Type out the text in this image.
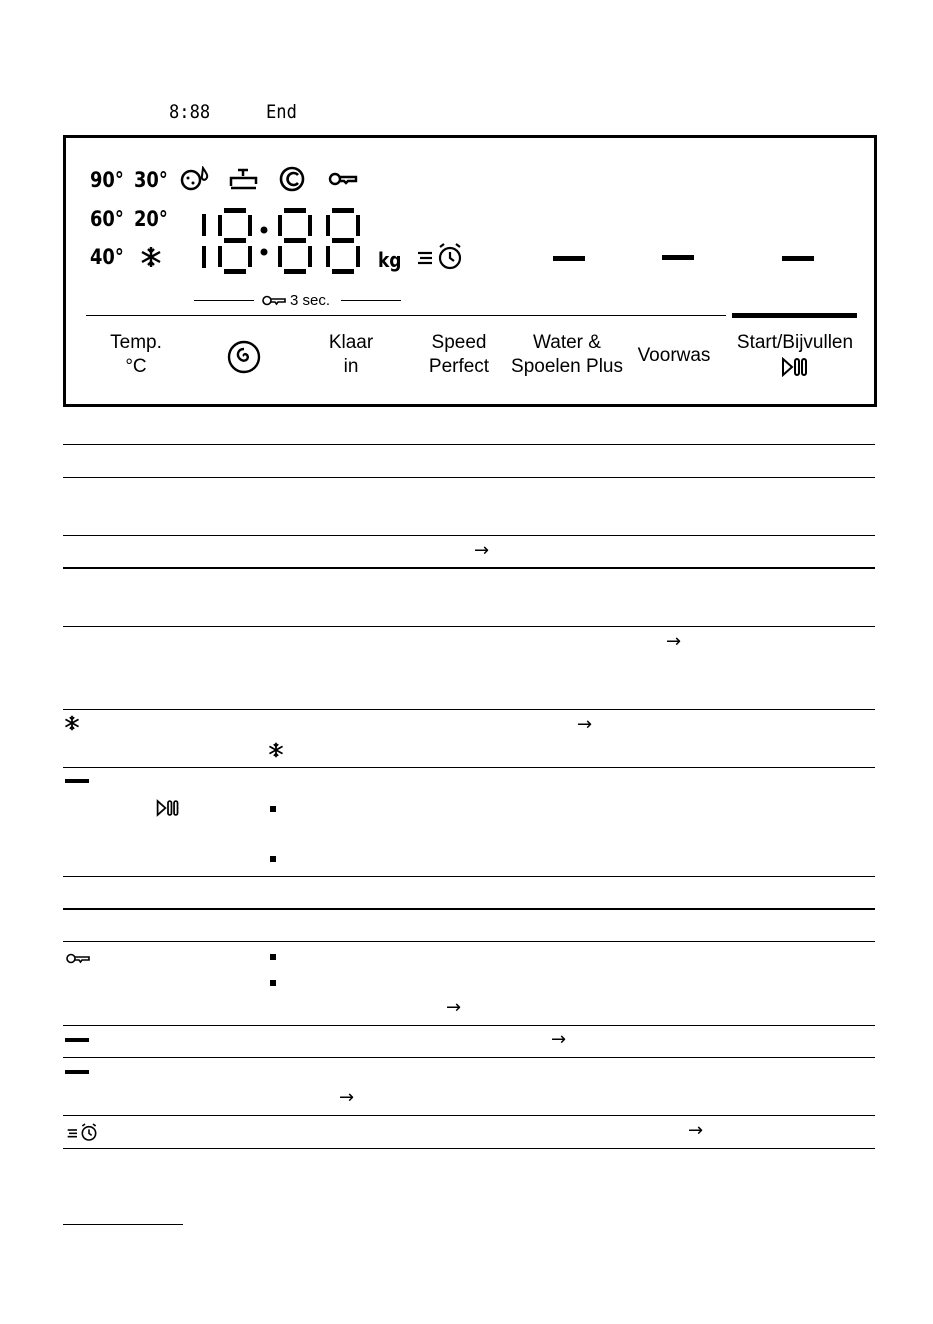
8:88	End
90° 30°
60° 20°
40°	kg
3 sec.
Temp.
°C
Klaar
in
Speed
Perfect
Water &
Spoelen Plus
Voorwas
Start/Bijvullen
→
→
→
→
→
→
→
